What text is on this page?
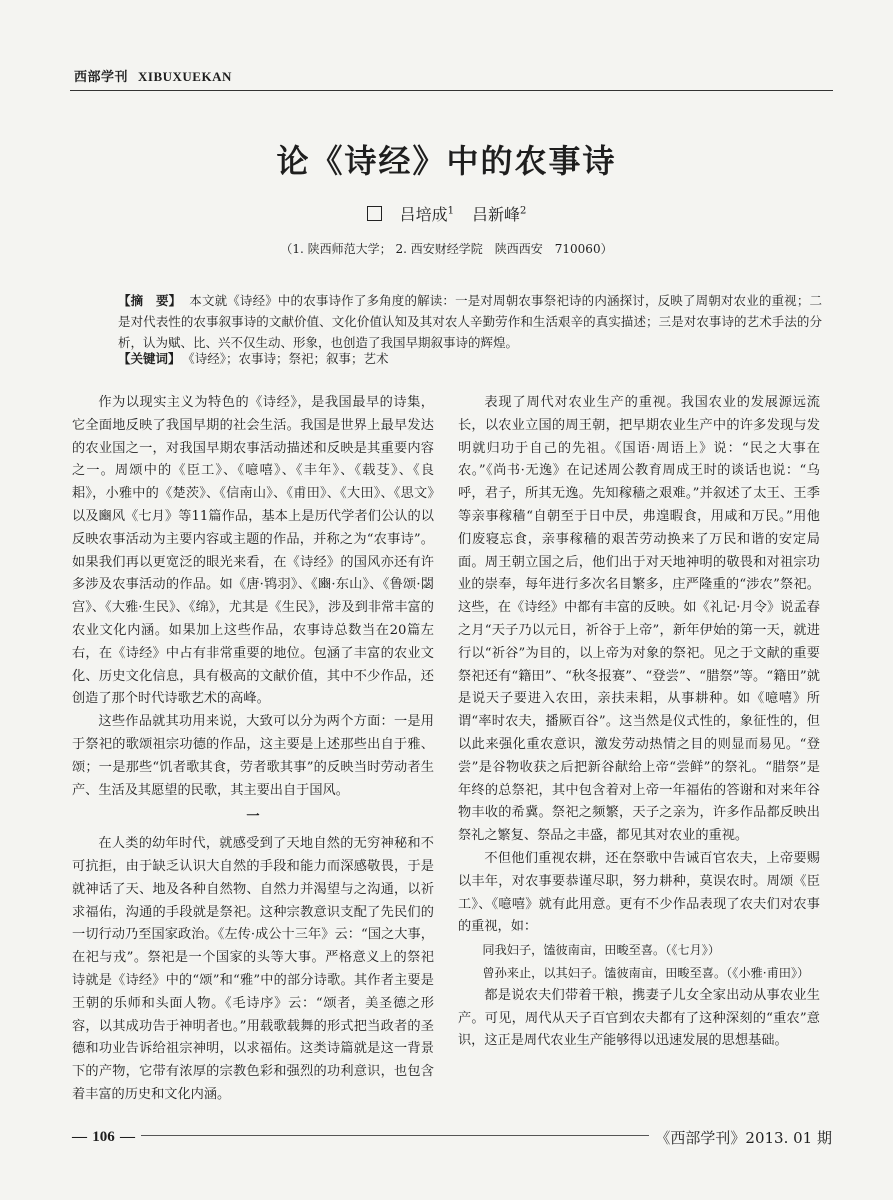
西部学刊 XIBUXUEKAN
论《诗经》中的农事诗
吕培成$^1$ 吕新峰$^2$
（1. 陕西师范大学； 2. 西安财经学院　陕西西安　710060）
【摘　要】 本文就《诗经》中的农事诗作了多角度的解读：一是对周朝农事祭祀诗的内涵探讨，反映了周朝对农业的重视；二是对代表性的农事叙事诗的文献价值、文化价值认知及其对农人辛勤劳作和生活艰辛的真实描述；三是对农事诗的艺术手法的分析，认为赋、比、兴不仅生动、形象，也创造了我国早期叙事诗的辉煌。
【关键词】 《诗经》；农事诗；祭祀；叙事；艺术

作为以现实主义为特色的《诗经》，是我国最早的诗集，它全面地反映了我国早期的社会生活。我国是世界上最早发达的农业国之一，对我国早期农事活动描述和反映是其重要内容之一。周颂中的《臣工》、《噫嘻》、《丰年》、《载芟》、《良耜》，小雅中的《楚茨》、《信南山》、《甫田》、《大田》、《思文》以及豳风《七月》等11篇作品，基本上是历代学者们公认的以反映农事活动为主要内容或主题的作品，并称之为“农事诗”。如果我们再以更宽泛的眼光来看，在《诗经》的国风亦还有许多涉及农事活动的作品。如《唐·鸨羽》、《豳·东山》、《鲁颂·閟宫》、《大雅·生民》、《绵》，尤其是《生民》，涉及到非常丰富的农业文化内涵。如果加上这些作品，农事诗总数当在20篇左右，在《诗经》中占有非常重要的地位。包涵了丰富的农业文化、历史文化信息，具有极高的文献价值，其中不少作品，还创造了那个时代诗歌艺术的高峰。

这些作品就其功用来说，大致可以分为两个方面：一是用于祭祀的歌颂祖宗功德的作品，这主要是上述那些出自于雅、颂；一是那些“饥者歌其食，劳者歌其事”的反映当时劳动者生产、生活及其愿望的民歌，其主要出自于国风。

一

在人类的幼年时代，就感受到了天地自然的无穷神秘和不可抗拒，由于缺乏认识大自然的手段和能力而深感敬畏，于是就神话了天、地及各种自然物、自然力并渴望与之沟通，以祈求福佑，沟通的手段就是祭祀。这种宗教意识支配了先民们的一切行动乃至国家政治。《左传·成公十三年》云：“国之大事，在祀与戎”。祭祀是一个国家的头等大事。严格意义上的祭祀诗就是《诗经》中的“颂”和“雅”中的部分诗歌。其作者主要是王朝的乐师和头面人物。《毛诗序》云：“颂者，美圣德之形容，以其成功告于神明者也。”用载歌载舞的形式把当政者的圣德和功业告诉给祖宗神明，以求福佑。这类诗篇就是这一背景下的产物，它带有浓厚的宗教色彩和强烈的功利意识，也包含着丰富的历史和文化内涵。

表现了周代对农业生产的重视。我国农业的发展源远流长，以农业立国的周王朝，把早期农业生产中的许多发现与发明就归功于自己的先祖。《国语·周语上》说：“民之大事在农。”《尚书·无逸》在记述周公教育周成王时的谈话也说：“乌呼，君子，所其无逸。先知稼穑之艰难。”并叙述了太王、王季等亲事稼穑“自朝至于日中昃，弗遑暇食，用咸和万民。”用他们废寝忘食，亲事稼穑的艰苦劳动换来了万民和谐的安定局面。周王朝立国之后，他们出于对天地神明的敬畏和对祖宗功业的崇奉，每年进行多次名目繁多，庄严隆重的“涉农”祭祀。这些，在《诗经》中都有丰富的反映。如《礼记·月令》说孟春之月“天子乃以元日，祈谷于上帝”，新年伊始的第一天，就进行以“祈谷”为目的，以上帝为对象的祭祀。见之于文献的重要祭祀还有“籍田”、“秋冬报赛”、“登尝”、“腊祭”等。“籍田”就是说天子要进入农田，亲扶耒耜，从事耕种。如《噫嘻》所谓“率时农夫，播厥百谷”。这当然是仪式性的，象征性的，但以此来强化重农意识，激发劳动热情之目的则显而易见。“登尝”是谷物收获之后把新谷献给上帝“尝鲜”的祭礼。“腊祭”是年终的总祭祀，其中包含着对上帝一年福佑的答谢和对来年谷物丰收的希冀。祭祀之频繁，天子之亲为，许多作品都反映出祭礼之繁复、祭品之丰盛，都见其对农业的重视。

不但他们重视农耕，还在祭歌中告诫百官农夫，上帝要赐以丰年，对农事要恭谨尽职，努力耕种，莫误农时。周颂《臣工》、《噫嘻》就有此用意。更有不少作品表现了农夫们对农事的重视，如：

同我妇子，馌彼南亩，田畯至喜。（《七月》）

曾孙来止，以其妇子。馌彼南亩，田畯至喜。（《小雅·甫田》）

都是说农夫们带着干粮，携妻子儿女全家出动从事农业生产。可见，周代从天子百官到农夫都有了这种深刻的“重农”意识，这正是周代农业生产能够得以迅速发展的思想基础。

— 106 —	《西部学刊》2013. 01 期
